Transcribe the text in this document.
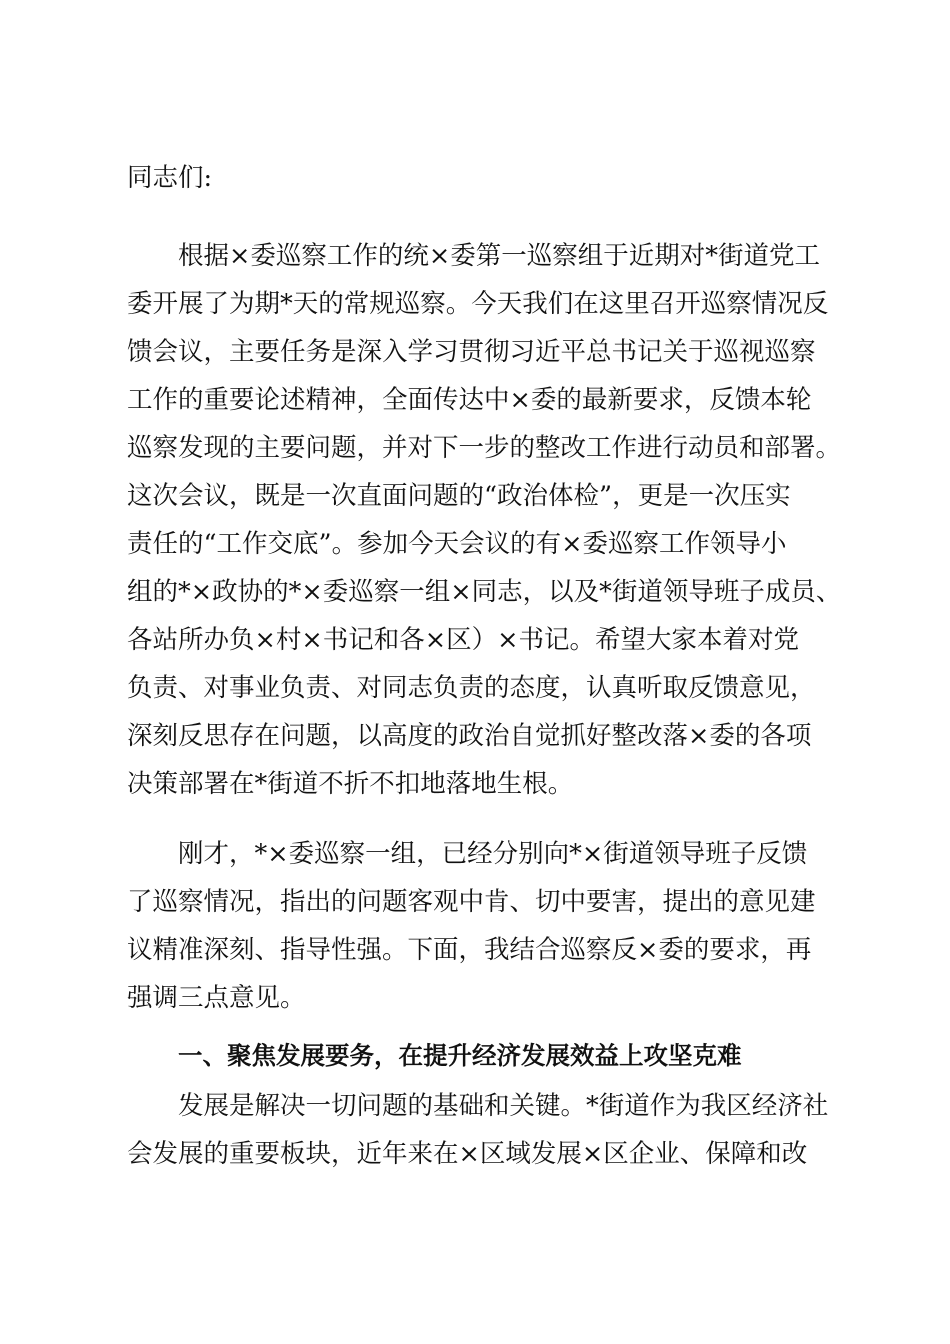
同志们:
根据×委巡察工作的统×委第一巡察组于近期对*街道党工
委开展了为期*天的常规巡察。今天我们在这里召开巡察情况反
馈会议，主要任务是深入学习贯彻习近平总书记关于巡视巡察
工作的重要论述精神，全面传达中×委的最新要求，反馈本轮
巡察发现的主要问题，并对下一步的整改工作进行动员和部署。
这次会议，既是一次直面问题的“政治体检”，更是一次压实
责任的“工作交底”。参加今天会议的有×委巡察工作领导小
组的*×政协的*×委巡察一组×同志，以及*街道领导班子成员、
各站所办负×村×书记和各×区）×书记。希望大家本着对党
负责、对事业负责、对同志负责的态度，认真听取反馈意见，
深刻反思存在问题，以高度的政治自觉抓好整改落×委的各项
决策部署在*街道不折不扣地落地生根。
刚才，*×委巡察一组，已经分别向*×街道领导班子反馈
了巡察情况，指出的问题客观中肯、切中要害，提出的意见建
议精准深刻、指导性强。下面，我结合巡察反×委的要求，再
强调三点意见。
一、聚焦发展要务，在提升经济发展效益上攻坚克难
发展是解决一切问题的基础和关键。*街道作为我区经济社
会发展的重要板块，近年来在×区域发展×区企业、保障和改
